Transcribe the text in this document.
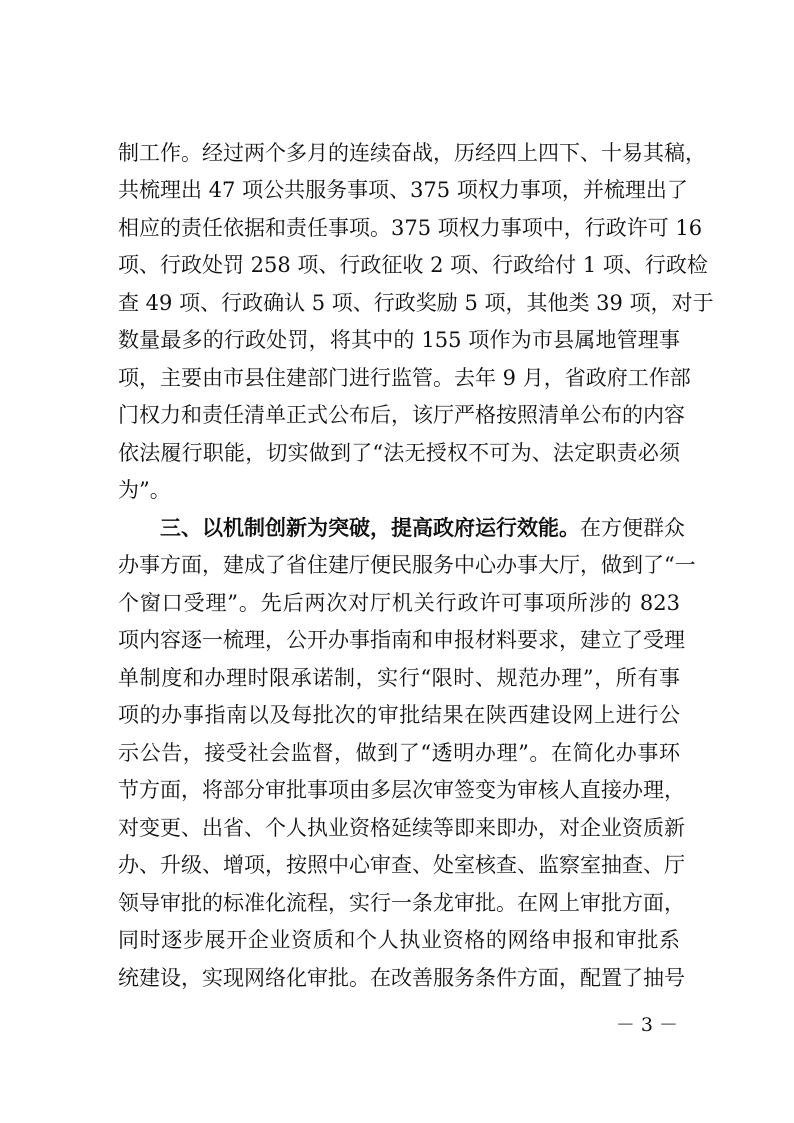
制工作。经过两个多月的连续奋战，历经四上四下、十易其稿，
共梳理出 47 项公共服务事项、375 项权力事项，并梳理出了
相应的责任依据和责任事项。375 项权力事项中，行政许可 16
项、行政处罚 258 项、行政征收 2 项、行政给付 1 项、行政检
查 49 项、行政确认 5 项、行政奖励 5 项，其他类 39 项，对于
数量最多的行政处罚，将其中的 155 项作为市县属地管理事
项，主要由市县住建部门进行监管。去年 9 月，省政府工作部
门权力和责任清单正式公布后，该厅严格按照清单公布的内容
依法履行职能，切实做到了“法无授权不可为、法定职责必须
为”。
三、以机制创新为突破，提高政府运行效能。在方便群众
办事方面，建成了省住建厅便民服务中心办事大厅，做到了“一
个窗口受理”。先后两次对厅机关行政许可事项所涉的 823
项内容逐一梳理，公开办事指南和申报材料要求，建立了受理
单制度和办理时限承诺制，实行“限时、规范办理”，所有事
项的办事指南以及每批次的审批结果在陕西建设网上进行公
示公告，接受社会监督，做到了“透明办理”。在简化办事环
节方面，将部分审批事项由多层次审签变为审核人直接办理，
对变更、出省、个人执业资格延续等即来即办，对企业资质新
办、升级、增项，按照中心审查、处室核查、监察室抽查、厅
领导审批的标准化流程，实行一条龙审批。在网上审批方面，
同时逐步展开企业资质和个人执业资格的网络申报和审批系
统建设，实现网络化审批。在改善服务条件方面，配置了抽号
－ 3 －
